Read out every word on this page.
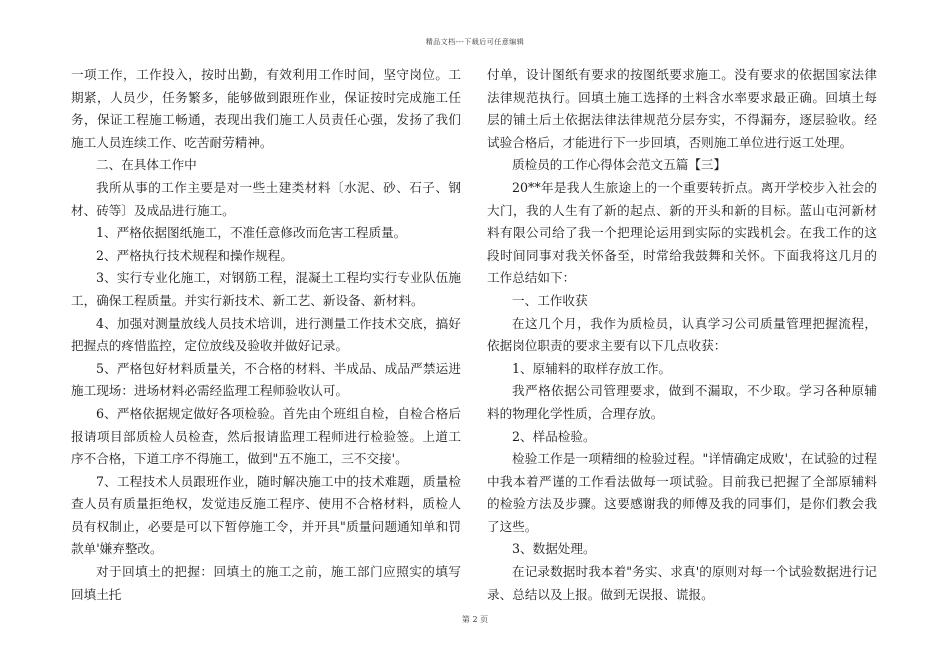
精品文档---下载后可任意编辑

一项工作，工作投入，按时出勤，有效利用工作时间，坚守岗位。工期紧，人员少，任务繁多，能够做到跟班作业，保证按时完成施工任务，保证工程施工畅通，表现出我们施工人员责任心强，发扬了我们施工人员连续工作、吃苦耐劳精神。

二、在具体工作中

我所从事的工作主要是对一些土建类材料〔水泥、砂、石子、钢材、砖等〕及成品进行施工。

1、严格依据图纸施工，不准任意修改而危害工程质量。

2、严格执行技术规程和操作规程。

3、实行专业化施工，对钢筋工程，混凝土工程均实行专业队伍施工，确保工程质量。并实行新技术、新工艺、新设备、新材料。

4、加强对测量放线人员技术培训，进行测量工作技术交底，搞好把握点的疼惜监控，定位放线及验收并做好记录。

5、严格包好材料质量关，不合格的材料、半成品、成品严禁运进施工现场：进场材料必需经监理工程师验收认可。

6、严格依据规定做好各项检验。首先由个班组自检，自检合格后报请项目部质检人员检查，然后报请监理工程师进行检验签。上道工序不合格，下道工序不得施工，做到"五不施工，三不交接'。

7、工程技术人员跟班作业，随时解决施工中的技术难题，质量检查人员有质量拒绝权，发觉违反施工程序、使用不合格材料，质检人员有权制止，必要是可以下暂停施工令，并开具"质量问题通知单和罚款单'嫌弃整改。

对于回填土的把握：回填土的施工之前，施工部门应照实的填写回填土托

付单，设计图纸有要求的按图纸要求施工。没有要求的依据国家法律法律规范执行。回填土施工选择的土料含水率要求最正确。回填土每层的铺土后土依据法律法律规范分层夯实，不得漏夯，逐层验收。经试验合格后，才能进行下一步回填，否则施工单位进行返工处理。

质检员的工作心得体会范文五篇【三】

20**年是我人生旅途上的一个重要转折点。离开学校步入社会的大门，我的人生有了新的起点、新的开头和新的目标。蓝山屯河新材料有限公司给了我一个把理论运用到实际的实践机会。在我工作的这段时间同事对我关怀备至，时常给我鼓舞和关怀。下面我将这几月的工作总结如下：

一、工作收获

在这几个月，我作为质检员，认真学习公司质量管理把握流程，依据岗位职责的要求主要有以下几点收获：

1、原辅料的取样存放工作。

我严格依据公司管理要求，做到不漏取，不少取。学习各种原辅料的物理化学性质，合理存放。

2、样品检验。

检验工作是一项精细的检验过程。"详情确定成败'，在试验的过程中我本着严谨的工作看法做每一项试验。目前我已把握了全部原辅料的检验方法及步骤。这要感谢我的师傅及我的同事们，是你们教会我了这些。

3、数据处理。

在记录数据时我本着"务实、求真'的原则对每一个试验数据进行记录、总结以及上报。做到无误报、谎报。

第 2 页
